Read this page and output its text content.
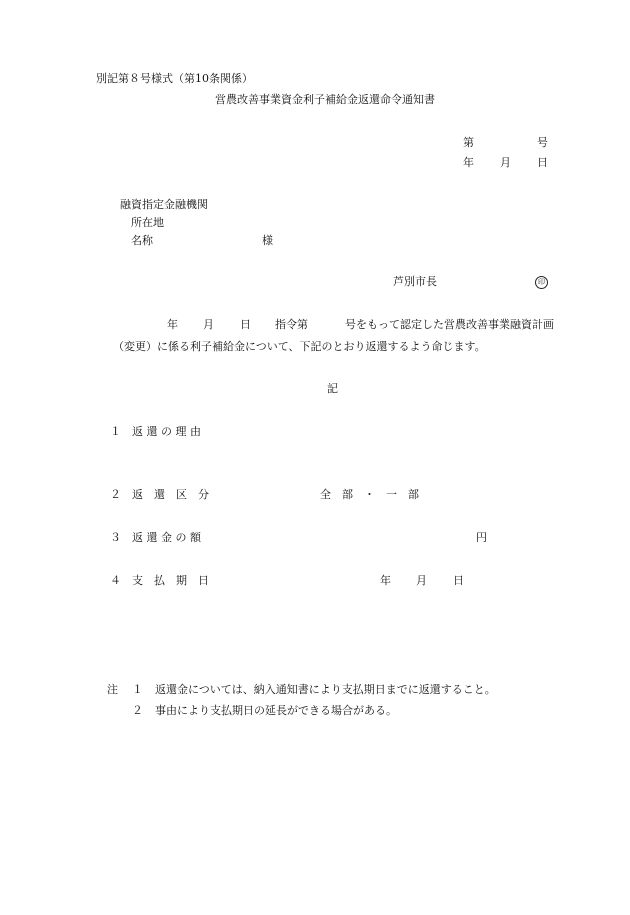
別記第８号様式（第10条関係）
営農改善事業資金利子補給金返還命令通知書
第	号
年 月 日
融資指定金融機関
所在地
名称	様
芦別市長	印
年 月 日 指令第	号をもって認定した営農改善事業融資計画
（変更）に係る利子補給金について、下記のとおり返還するよう命じます。
記
１ 返 還 の 理 由
２ 返　還　区　分	全　部　・　一　部
３ 返 還 金 の 額	円
４ 支　払　期　日	年 月 日
注 １ 返還金については、納入通知書により支払期日までに返還すること。
２ 事由により支払期日の延長ができる場合がある。
